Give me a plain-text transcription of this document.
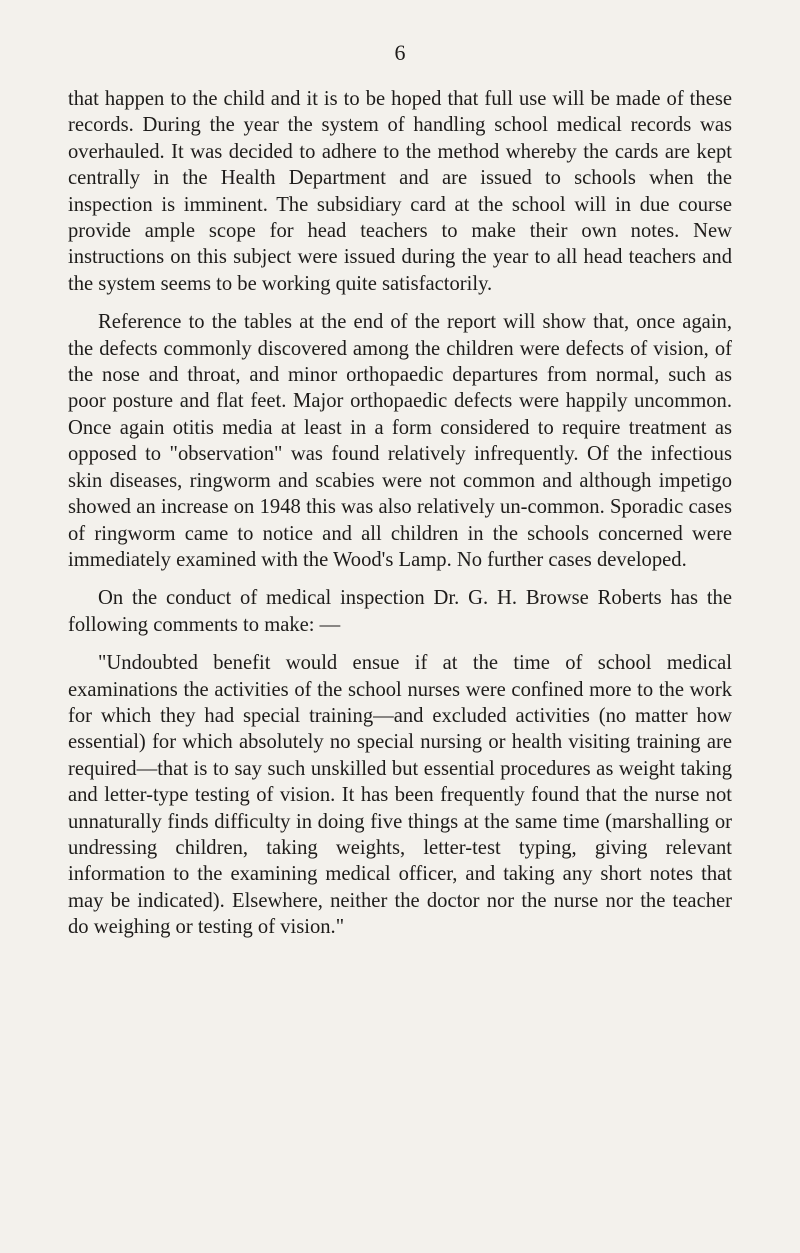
6

that happen to the child and it is to be hoped that full use will be made of these records. During the year the system of handling school medical records was overhauled. It was decided to adhere to the method whereby the cards are kept centrally in the Health Department and are issued to schools when the inspection is imminent. The subsidiary card at the school will in due course provide ample scope for head teachers to make their own notes. New instructions on this subject were issued during the year to all head teachers and the system seems to be working quite satisfactorily.

Reference to the tables at the end of the report will show that, once again, the defects commonly discovered among the children were defects of vision, of the nose and throat, and minor orthopaedic departures from normal, such as poor posture and flat feet. Major orthopaedic defects were happily uncommon. Once again otitis media at least in a form considered to require treatment as opposed to "observation" was found relatively infrequently. Of the infectious skin diseases, ringworm and scabies were not common and although impetigo showed an increase on 1948 this was also relatively un-common. Sporadic cases of ringworm came to notice and all children in the schools concerned were immediately examined with the Wood's Lamp. No further cases developed.

On the conduct of medical inspection Dr. G. H. Browse Roberts has the following comments to make: —

"Undoubted benefit would ensue if at the time of school medical examinations the activities of the school nurses were confined more to the work for which they had special training—and excluded activities (no matter how essential) for which absolutely no special nursing or health visiting training are required—that is to say such unskilled but essential procedures as weight taking and letter-type testing of vision. It has been frequently found that the nurse not unnaturally finds difficulty in doing five things at the same time (marshalling or undressing children, taking weights, letter-test typing, giving relevant information to the examining medical officer, and taking any short notes that may be indicated). Elsewhere, neither the doctor nor the nurse nor the teacher do weighing or testing of vision."
